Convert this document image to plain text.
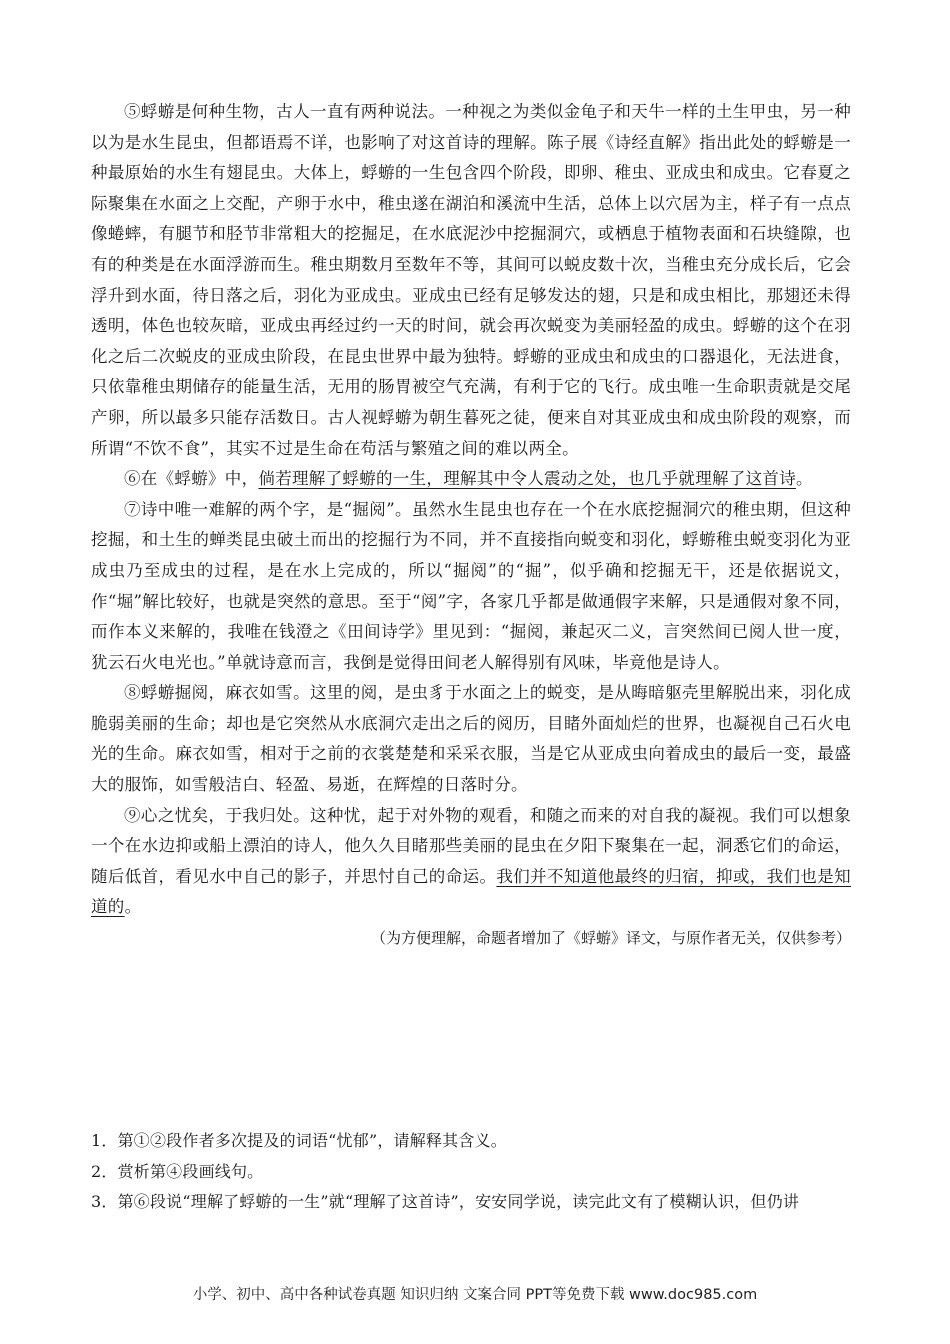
⑤蜉蝣是何种生物，古人一直有两种说法。一种视之为类似金龟子和天牛一样的土生甲虫，另一种以为是水生昆虫，但都语焉不详，也影响了对这首诗的理解。陈子展《诗经直解》指出此处的蜉蝣是一种最原始的水生有翅昆虫。大体上，蜉蝣的一生包含四个阶段，即卵、稚虫、亚成虫和成虫。它春夏之际聚集在水面之上交配，产卵于水中，稚虫遂在湖泊和溪流中生活，总体上以穴居为主，样子有一点点像蜷蟀，有腿节和胫节非常粗大的挖掘足，在水底泥沙中挖掘洞穴，或栖息于植物表面和石块缝隙，也有的种类是在水面浮游而生。稚虫期数月至数年不等，其间可以蜕皮数十次，当稚虫充分成长后，它会浮升到水面，待日落之后，羽化为亚成虫。亚成虫已经有足够发达的翅，只是和成虫相比，那翅还未得透明，体色也较灰暗，亚成虫再经过约一天的时间，就会再次蜕变为美丽轻盈的成虫。蜉蝣的这个在羽化之后二次蜕皮的亚成虫阶段，在昆虫世界中最为独特。蜉蝣的亚成虫和成虫的口器退化，无法进食，只依靠稚虫期储存的能量生活，无用的肠胃被空气充满，有利于它的飞行。成虫唯一生命职责就是交尾产卵，所以最多只能存活数日。古人视蜉蝣为朝生暮死之徒，便来自对其亚成虫和成虫阶段的观察，而所谓“不饮不食”，其实不过是生命在苟活与繁殖之间的难以两全。

⑥在《蜉蝣》中，倘若理解了蜉蝣的一生，理解其中令人震动之处，也几乎就理解了这首诗。

⑦诗中唯一难解的两个字，是“掘阅”。虽然水生昆虫也存在一个在水底挖掘洞穴的稚虫期，但这种挖掘，和土生的蝉类昆虫破土而出的挖掘行为不同，并不直接指向蜕变和羽化，蜉蝣稚虫蜕变羽化为亚成虫乃至成虫的过程，是在水上完成的，所以“掘阅”的“掘”，似乎确和挖掘无干，还是依据说文，作“堀”解比较好，也就是突然的意思。至于“阅”字，各家几乎都是做通假字来解，只是通假对象不同，而作本义来解的，我唯在钱澄之《田间诗学》里见到：“掘阅，兼起灭二义，言突然间已阅人世一度，犹云石火电光也。”单就诗意而言，我倒是觉得田间老人解得别有风味，毕竟他是诗人。

⑧蜉蝣掘阅，麻衣如雪。这里的阅，是虫豸于水面之上的蜕变，是从晦暗躯壳里解脱出来，羽化成脆弱美丽的生命；却也是它突然从水底洞穴走出之后的阅历，目睹外面灿烂的世界，也凝视自己石火电光的生命。麻衣如雪，相对于之前的衣裳楚楚和采采衣服，当是它从亚成虫向着成虫的最后一变，最盛大的服饰，如雪般洁白、轻盈、易逝，在辉煌的日落时分。

⑨心之忧矣，于我归处。这种忧，起于对外物的观看，和随之而来的对自我的凝视。我们可以想象一个在水边抑或船上漂泊的诗人，他久久目睹那些美丽的昆虫在夕阳下聚集在一起，洞悉它们的命运，随后低首，看见水中自己的影子，并思忖自己的命运。我们并不知道他最终的归宿，抑或，我们也是知道的。

（为方便理解，命题者增加了《蜉蝣》译文，与原作者无关，仅供参考）

1．第①②段作者多次提及的词语“忧郁”，请解释其含义。

2．赏析第④段画线句。

3．第⑥段说“理解了蜉蝣的一生”就“理解了这首诗”，安安同学说，读完此文有了模糊认识，但仍讲

小学、初中、高中各种试卷真题 知识归纳 文案合同 PPT等免费下载 www.doc985.com
